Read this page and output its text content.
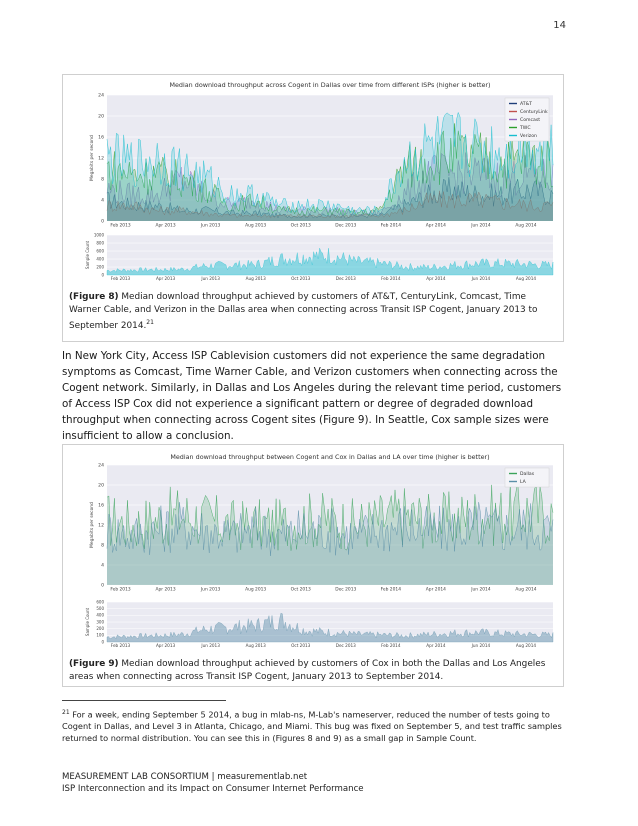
14
Median download throughput across Cogent in Dallas over time from different ISPs (higher is better)
0
4
8
12
16
20
24
Megabits per second
AT&T
CenturyLink
Comcast
TWC
Verizon
Feb 2013	Apr 2013	Jun 2013	Aug 2013	Oct 2013	Dec 2013	Feb 2014	Apr 2014	Jun 2014	Aug 2014
0
200
400
600
800
1000
Sample Count
Feb 2013	Apr 2013	Jun 2013	Aug 2013	Oct 2013	Dec 2013	Feb 2014	Apr 2014	Jun 2014	Aug 2014
(Figure 8) Median download throughput achieved by customers of AT&T, CenturyLink, Comcast, Time Warner Cable, and Verizon in the Dallas area when connecting across Transit ISP Cogent, January 2013 to September 2014.21
In New York City, Access ISP Cablevision customers did not experience the same degradation symptoms as Comcast, Time Warner Cable, and Verizon customers when connecting across the Cogent network. Similarly, in Dallas and Los Angeles during the relevant time period, customers of Access ISP Cox did not experience a significant pattern or degree of degraded download throughput when connecting across Cogent sites (Figure 9). In Seattle, Cox sample sizes were insufficient to allow a conclusion.
Median download throughput between Cogent and Cox in Dallas and LA over time (higher is better)
0
4
8
12
16
20
24
Megabits per second
Dallas
LA
Feb 2013	Apr 2013	Jun 2013	Aug 2013	Oct 2013	Dec 2013	Feb 2014	Apr 2014	Jun 2014	Aug 2014
0
100
200
300
400
500
600
Sample Count
Feb 2013	Apr 2013	Jun 2013	Aug 2013	Oct 2013	Dec 2013	Feb 2014	Apr 2014	Jun 2014	Aug 2014
(Figure 9) Median download throughput achieved by customers of Cox in both the Dallas and Los Angeles areas when connecting across Transit ISP Cogent, January 2013 to September 2014.
$^{21}$ For a week, ending September 5 2014, a bug in mlab-ns, M-Lab's nameserver, reduced the number of tests going to Cogent in Dallas, and Level 3 in Atlanta, Chicago, and Miami. This bug was fixed on September 5, and test traffic samples returned to normal distribution. You can see this in (Figures 8 and 9) as a small gap in Sample Count.
MEASUREMENT LAB CONSORTIUM | measurementlab.net
ISP Interconnection and its Impact on Consumer Internet Performance
